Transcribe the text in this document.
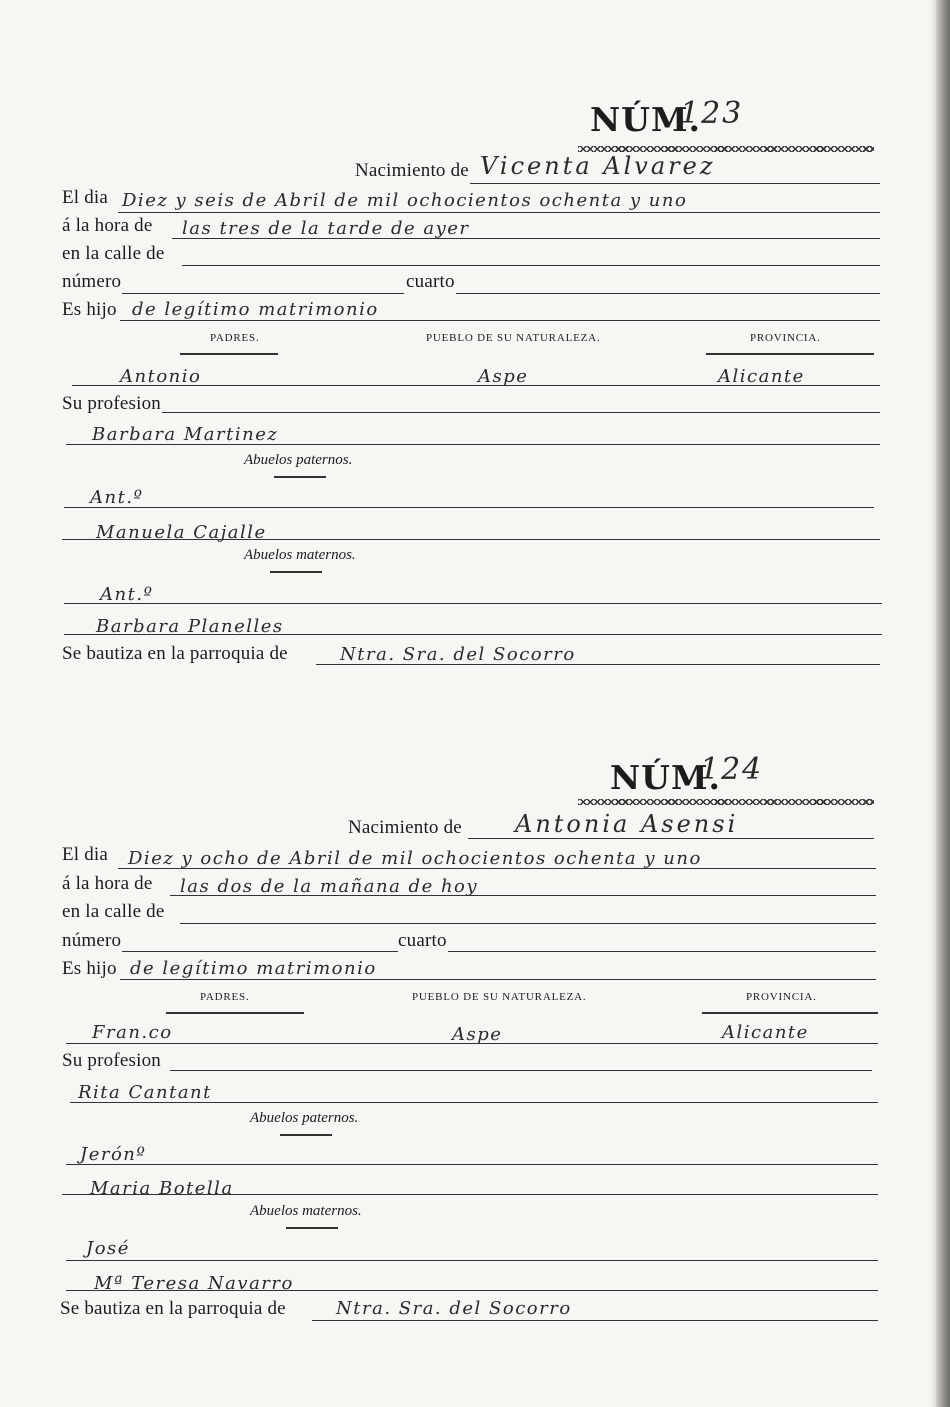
NÚM.
123
Nacimiento de Vicenta Alvarez
El dia Diez y seis de Abril de mil ochocientos ochenta y uno
á la hora de las tres de la tarde de ayer
en la calle de
número	cuarto
Es hijo de legítimo matrimonio
PADRES.	PUEBLO DE SU NATURALEZA.	PROVINCIA.
Antonio	Aspe	Alicante
Su profesion
Barbara Martinez
Abuelos paternos.
Ant.º
Manuela Cajalle
Abuelos maternos.
Ant.º
Barbara Planelles
Se bautiza en la parroquia de	Ntra. Sra. del Socorro
NÚM.
124
Nacimiento de Antonia Asensi
El dia Diez y ocho de Abril de mil ochocientos ochenta y uno
á la hora de las dos de la mañana de hoy
en la calle de
número	cuarto
Es hijo de legítimo matrimonio
PADRES.	PUEBLO DE SU NATURALEZA.	PROVINCIA.
Fran.co	Aspe	Alicante
Su profesion
Rita Cantant
Abuelos paternos.
Jerónº
Maria Botella
Abuelos maternos.
José
Mª Teresa Navarro
Se bautiza en la parroquia de	Ntra. Sra. del Socorro
